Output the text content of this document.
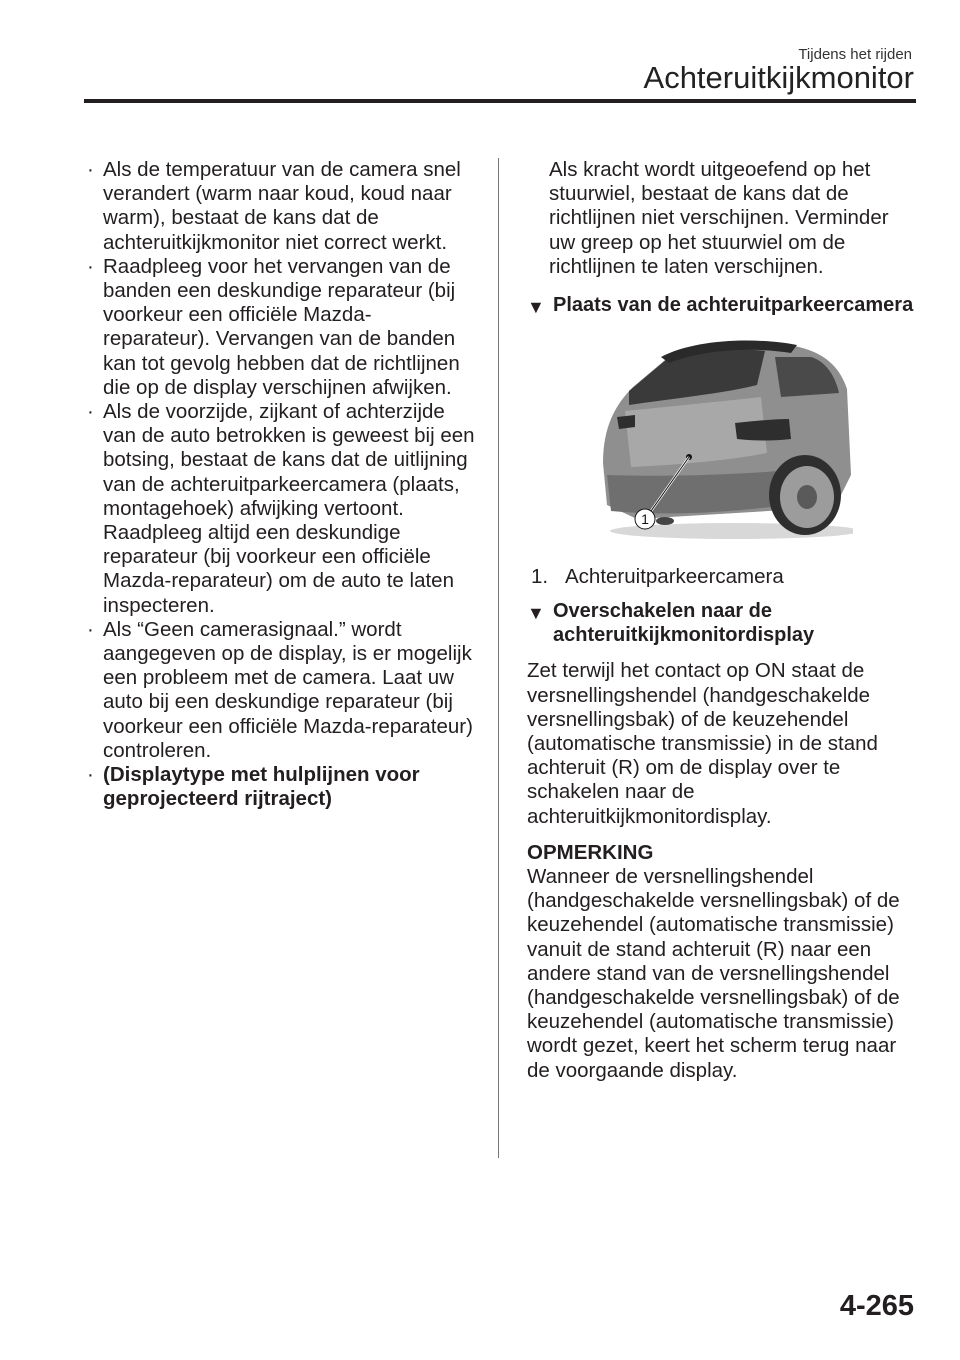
Tijdens het rijden
Achteruitkijkmonitor
· Als de temperatuur van de camera snel verandert (warm naar koud, koud naar warm), bestaat de kans dat de achteruitkijkmonitor niet correct werkt.
· Raadpleeg voor het vervangen van de banden een deskundige reparateur (bij voorkeur een officiële Mazda-reparateur). Vervangen van de banden kan tot gevolg hebben dat de richtlijnen die op de display verschijnen afwijken.
· Als de voorzijde, zijkant of achterzijde van de auto betrokken is geweest bij een botsing, bestaat de kans dat de uitlijning van de achteruitparkeercamera (plaats, montagehoek) afwijking vertoont. Raadpleeg altijd een deskundige reparateur (bij voorkeur een officiële Mazda-reparateur) om de auto te laten inspecteren.
· Als “Geen camerasignaal.” wordt aangegeven op de display, is er mogelijk een probleem met de camera. Laat uw auto bij een deskundige reparateur (bij voorkeur een officiële Mazda-reparateur) controleren.
· (Displaytype met hulplijnen voor geprojecteerd rijtraject)
Als kracht wordt uitgeoefend op het stuurwiel, bestaat de kans dat de richtlijnen niet verschijnen. Verminder uw greep op het stuurwiel om de richtlijnen te laten verschijnen.
▼ Plaats van de achteruitparkeercamera
1
1. Achteruitparkeercamera
▼ Overschakelen naar de achteruitkijkmonitordisplay
Zet terwijl het contact op ON staat de versnellingshendel (handgeschakelde versnellingsbak) of de keuzehendel (automatische transmissie) in de stand achteruit (R) om de display over te schakelen naar de achteruitkijkmonitordisplay.
OPMERKING
Wanneer de versnellingshendel (handgeschakelde versnellingsbak) of de keuzehendel (automatische transmissie) vanuit de stand achteruit (R) naar een andere stand van de versnellingshendel (handgeschakelde versnellingsbak) of de keuzehendel (automatische transmissie) wordt gezet, keert het scherm terug naar de voorgaande display.
4-265
